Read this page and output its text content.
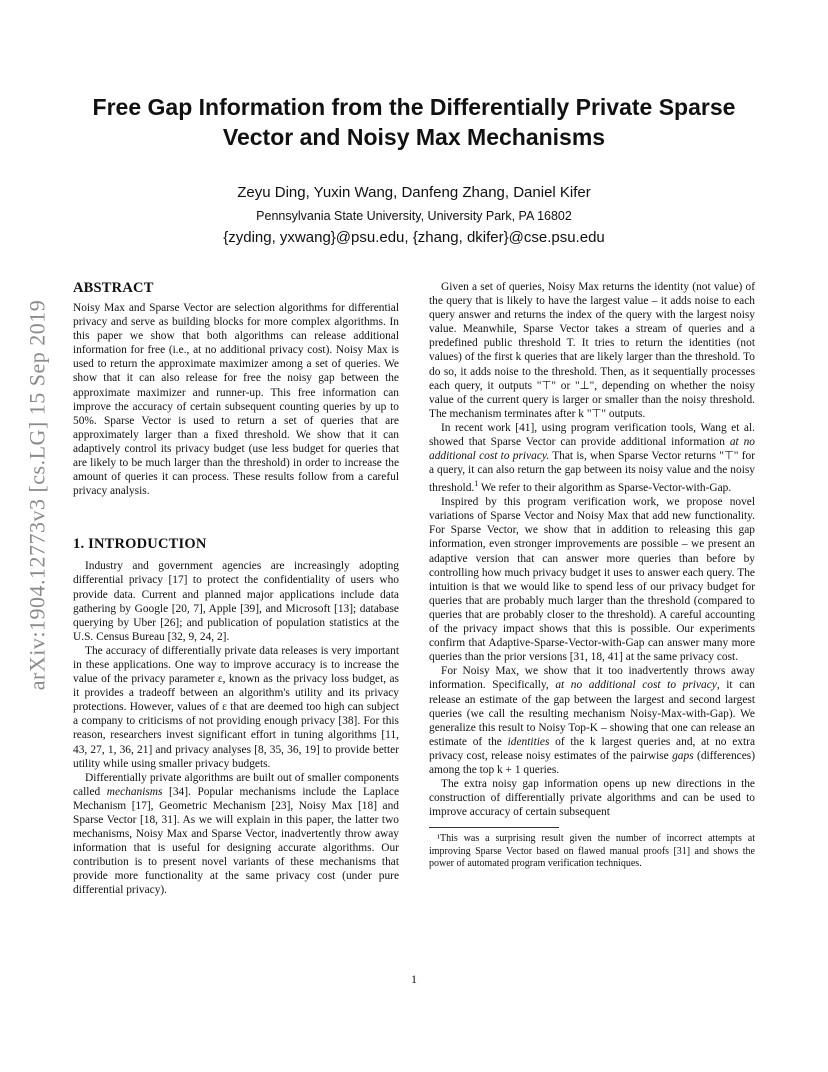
arXiv:1904.12773v3 [cs.LG] 15 Sep 2019
Free Gap Information from the Differentially Private Sparse Vector and Noisy Max Mechanisms
Zeyu Ding, Yuxin Wang, Danfeng Zhang, Daniel Kifer
Pennsylvania State University, University Park, PA 16802
{zyding, yxwang}@psu.edu, {zhang, dkifer}@cse.psu.edu
ABSTRACT

Noisy Max and Sparse Vector are selection algorithms for differential privacy and serve as building blocks for more complex algorithms. In this paper we show that both algorithms can release additional information for free (i.e., at no additional privacy cost). Noisy Max is used to return the approximate maximizer among a set of queries. We show that it can also release for free the noisy gap between the approximate maximizer and runner-up. This free information can improve the accuracy of certain subsequent counting queries by up to 50%. Sparse Vector is used to return a set of queries that are approximately larger than a fixed threshold. We show that it can adaptively control its privacy budget (use less budget for queries that are likely to be much larger than the threshold) in order to increase the amount of queries it can process. These results follow from a careful privacy analysis.

1. INTRODUCTION

Industry and government agencies are increasingly adopting differential privacy [17] to protect the confidentiality of users who provide data. Current and planned major applications include data gathering by Google [20, 7], Apple [39], and Microsoft [13]; database querying by Uber [26]; and publication of population statistics at the U.S. Census Bureau [32, 9, 24, 2].

The accuracy of differentially private data releases is very important in these applications. One way to improve accuracy is to increase the value of the privacy parameter ε, known as the privacy loss budget, as it provides a tradeoff between an algorithm's utility and its privacy protections. However, values of ε that are deemed too high can subject a company to criticisms of not providing enough privacy [38]. For this reason, researchers invest significant effort in tuning algorithms [11, 43, 27, 1, 36, 21] and privacy analyses [8, 35, 36, 19] to provide better utility while using smaller privacy budgets.

Differentially private algorithms are built out of smaller components called mechanisms [34]. Popular mechanisms include the Laplace Mechanism [17], Geometric Mechanism [23], Noisy Max [18] and Sparse Vector [18, 31]. As we will explain in this paper, the latter two mechanisms, Noisy Max and Sparse Vector, inadvertently throw away information that is useful for designing accurate algorithms. Our contribution is to present novel variants of these mechanisms that provide more functionality at the same privacy cost (under pure differential privacy).

Given a set of queries, Noisy Max returns the identity (not value) of the query that is likely to have the largest value – it adds noise to each query answer and returns the index of the query with the largest noisy value. Meanwhile, Sparse Vector takes a stream of queries and a predefined public threshold T. It tries to return the identities (not values) of the first k queries that are likely larger than the threshold. To do so, it adds noise to the threshold. Then, as it sequentially processes each query, it outputs "⊤" or "⊥", depending on whether the noisy value of the current query is larger or smaller than the noisy threshold. The mechanism terminates after k "⊤" outputs.

In recent work [41], using program verification tools, Wang et al. showed that Sparse Vector can provide additional information at no additional cost to privacy. That is, when Sparse Vector returns "⊤" for a query, it can also return the gap between its noisy value and the noisy threshold.$^1$ We refer to their algorithm as Sparse-Vector-with-Gap.

Inspired by this program verification work, we propose novel variations of Sparse Vector and Noisy Max that add new functionality. For Sparse Vector, we show that in addition to releasing this gap information, even stronger improvements are possible – we present an adaptive version that can answer more queries than before by controlling how much privacy budget it uses to answer each query. The intuition is that we would like to spend less of our privacy budget for queries that are probably much larger than the threshold (compared to queries that are probably closer to the threshold). A careful accounting of the privacy impact shows that this is possible. Our experiments confirm that Adaptive-Sparse-Vector-with-Gap can answer many more queries than the prior versions [31, 18, 41] at the same privacy cost.

For Noisy Max, we show that it too inadvertently throws away information. Specifically, at no additional cost to privacy, it can release an estimate of the gap between the largest and second largest queries (we call the resulting mechanism Noisy-Max-with-Gap). We generalize this result to Noisy Top-K – showing that one can release an estimate of the identities of the k largest queries and, at no extra privacy cost, release noisy estimates of the pairwise gaps (differences) among the top k + 1 queries.

The extra noisy gap information opens up new directions in the construction of differentially private algorithms and can be used to improve accuracy of certain subsequent

¹This was a surprising result given the number of incorrect attempts at improving Sparse Vector based on flawed manual proofs [31] and shows the power of automated program verification techniques.
1
